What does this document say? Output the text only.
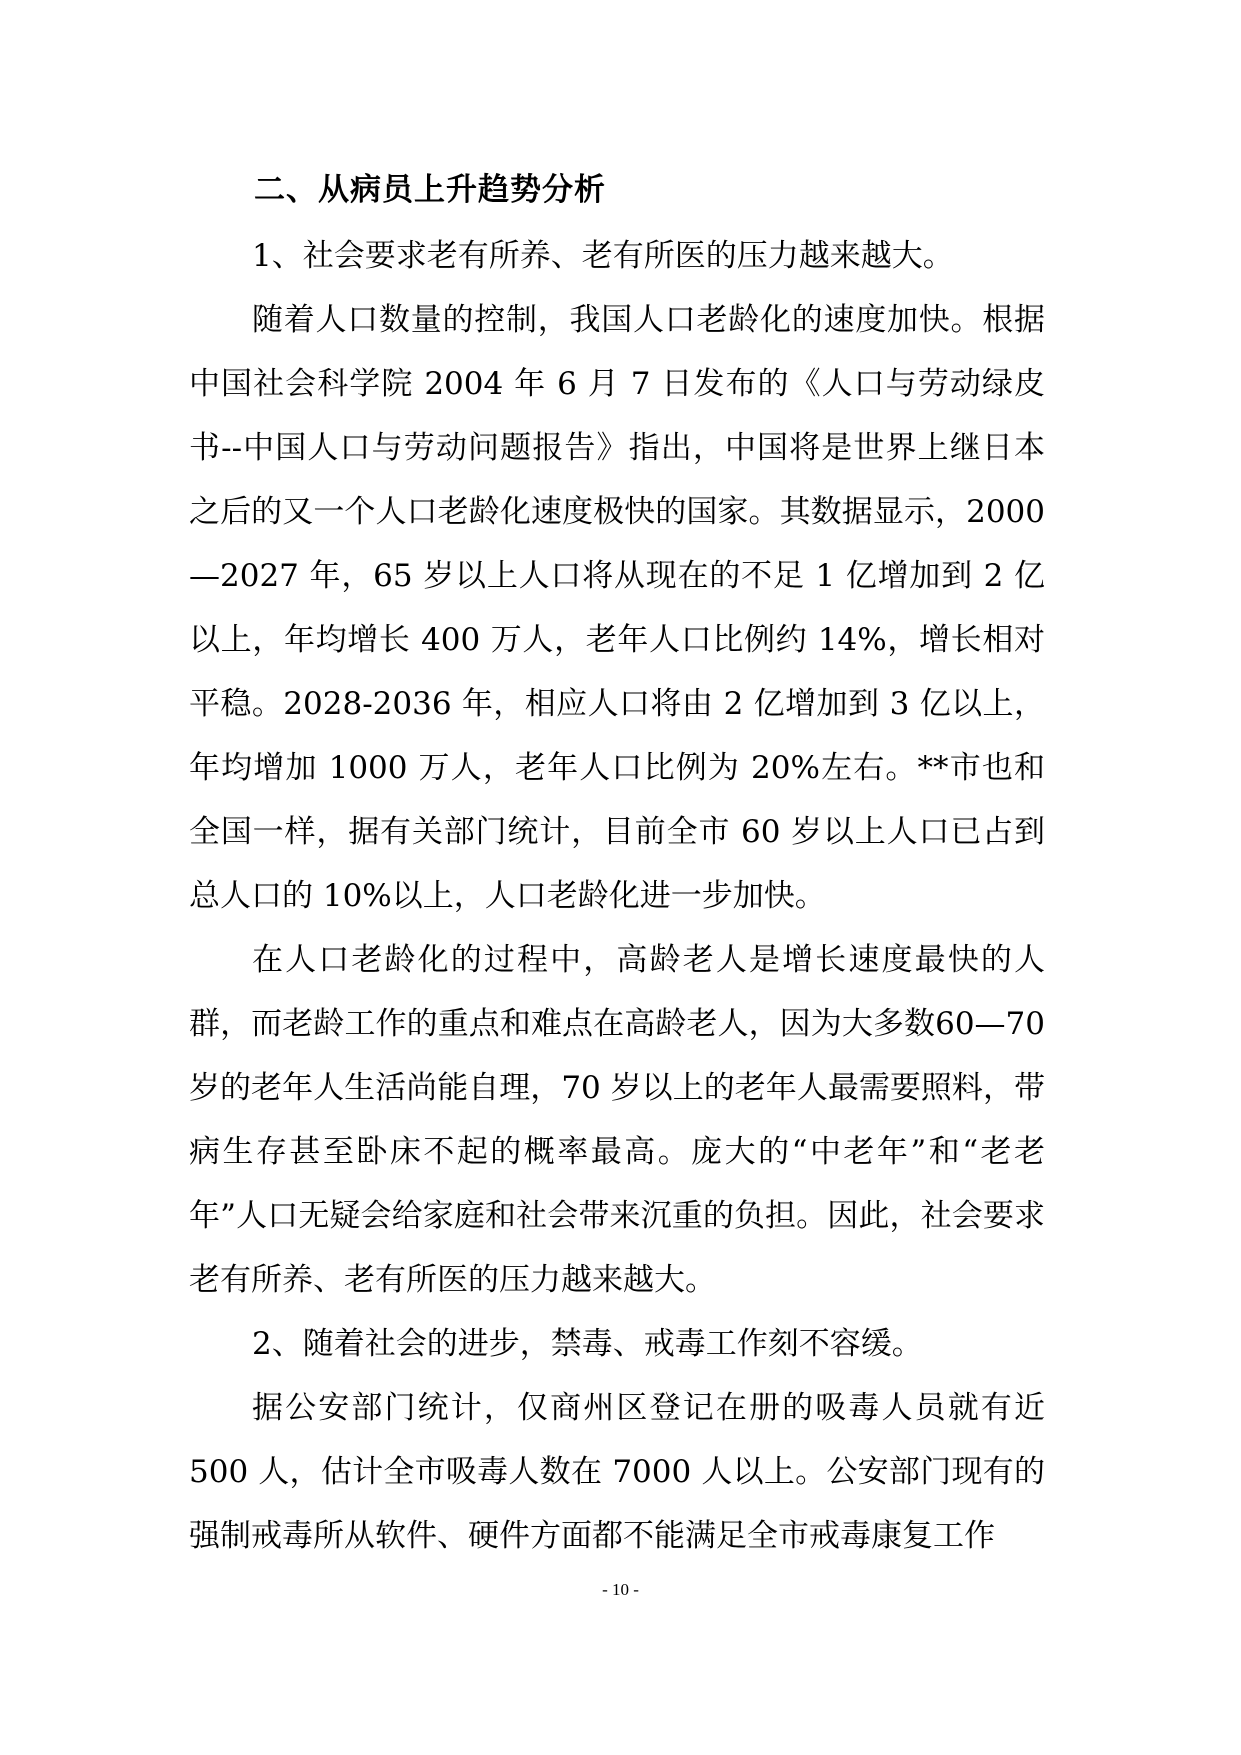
二、从病员上升趋势分析

1、社会要求老有所养、老有所医的压力越来越大。

随着人口数量的控制，我国人口老龄化的速度加快。根据中国社会科学院 2004 年 6 月 7 日发布的《人口与劳动绿皮书--中国人口与劳动问题报告》指出，中国将是世界上继日本之后的又一个人口老龄化速度极快的国家。其数据显示，2000—2027 年，65 岁以上人口将从现在的不足 1 亿增加到 2 亿以上，年均增长 400 万人，老年人口比例约 14%，增长相对平稳。2028-2036 年，相应人口将由 2 亿增加到 3 亿以上，年均增加 1000 万人，老年人口比例为 20%左右。**市也和全国一样，据有关部门统计，目前全市 60 岁以上人口已占到总人口的 10%以上，人口老龄化进一步加快。

在人口老龄化的过程中，高龄老人是增长速度最快的人群，而老龄工作的重点和难点在高龄老人，因为大多数60—70 岁的老年人生活尚能自理，70 岁以上的老年人最需要照料，带病生存甚至卧床不起的概率最高。庞大的“中老年”和“老老年”人口无疑会给家庭和社会带来沉重的负担。因此，社会要求老有所养、老有所医的压力越来越大。

2、随着社会的进步，禁毒、戒毒工作刻不容缓。

据公安部门统计，仅商州区登记在册的吸毒人员就有近500 人，估计全市吸毒人数在 7000 人以上。公安部门现有的强制戒毒所从软件、硬件方面都不能满足全市戒毒康复工作

- 10 -
